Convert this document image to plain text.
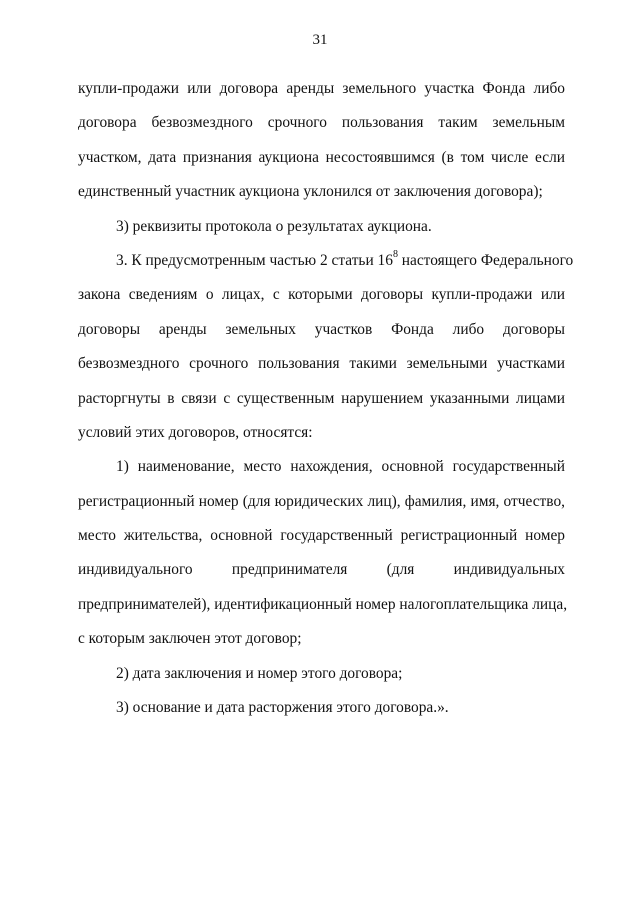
31
купли-продажи или договора аренды земельного участка Фонда либо
договора безвозмездного срочного пользования таким земельным
участком, дата признания аукциона несостоявшимся (в том числе если
единственный участник аукциона уклонился от заключения договора);
3) реквизиты протокола о результатах аукциона.
3. К предусмотренным частью 2 статьи $16^8$ настоящего Федерального
закона сведениям о лицах, с которыми договоры купли-продажи или
договоры аренды земельных участков Фонда либо договоры
безвозмездного срочного пользования такими земельными участками
расторгнуты в связи с существенным нарушением указанными лицами
условий этих договоров, относятся:
1) наименование, место нахождения, основной государственный
регистрационный номер (для юридических лиц), фамилия, имя, отчество,
место жительства, основной государственный регистрационный номер
индивидуального предпринимателя (для индивидуальных
предпринимателей), идентификационный номер налогоплательщика лица,
с которым заключен этот договор;
2) дата заключения и номер этого договора;
3) основание и дата расторжения этого договора.».
